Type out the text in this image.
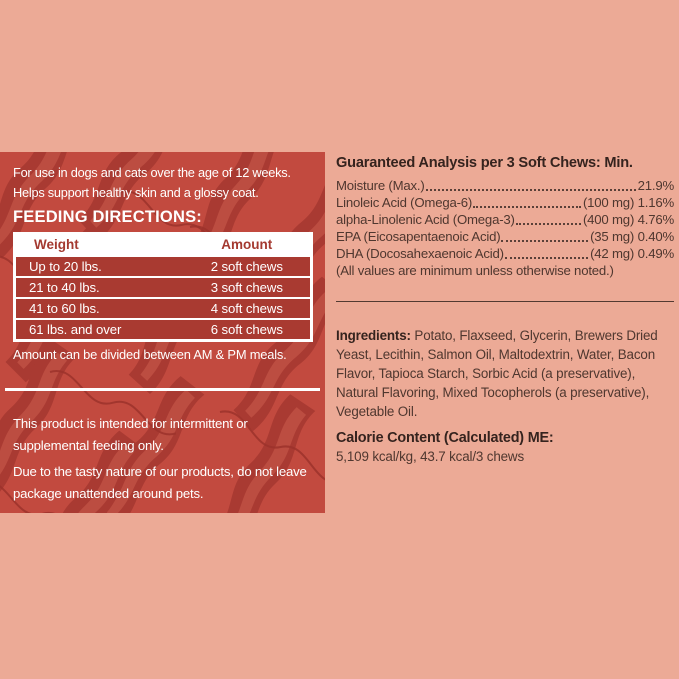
For use in dogs and cats over the age of 12 weeks.
Helps support healthy skin and a glossy coat.
FEEDING DIRECTIONS:
Weight	Amount
Up to 20 lbs.	2 soft chews
21 to 40 lbs.	3 soft chews
41 to 60 lbs.	4 soft chews
61 lbs. and over	6 soft chews
Amount can be divided between AM & PM meals.
This product is intended for intermittent or supplemental feeding only.
Due to the tasty nature of our products, do not leave package unattended around pets.
Guaranteed Analysis per 3 Soft Chews: Min.
Moisture (Max.)	21.9%
Linoleic Acid (Omega-6)	(100 mg) 1.16%
alpha-Linolenic Acid (Omega-3)	(400 mg) 4.76%
EPA (Eicosapentaenoic Acid)	(35 mg) 0.40%
DHA (Docosahexaenoic Acid)	(42 mg) 0.49%
(All values are minimum unless otherwise noted.)

Ingredients: Potato, Flaxseed, Glycerin, Brewers Dried Yeast, Lecithin, Salmon Oil, Maltodextrin, Water, Bacon Flavor, Tapioca Starch, Sorbic Acid (a preservative), Natural Flavoring, Mixed Tocopherols (a preservative), Vegetable Oil.

Calorie Content (Calculated) ME:
5,109 kcal/kg, 43.7 kcal/3 chews
